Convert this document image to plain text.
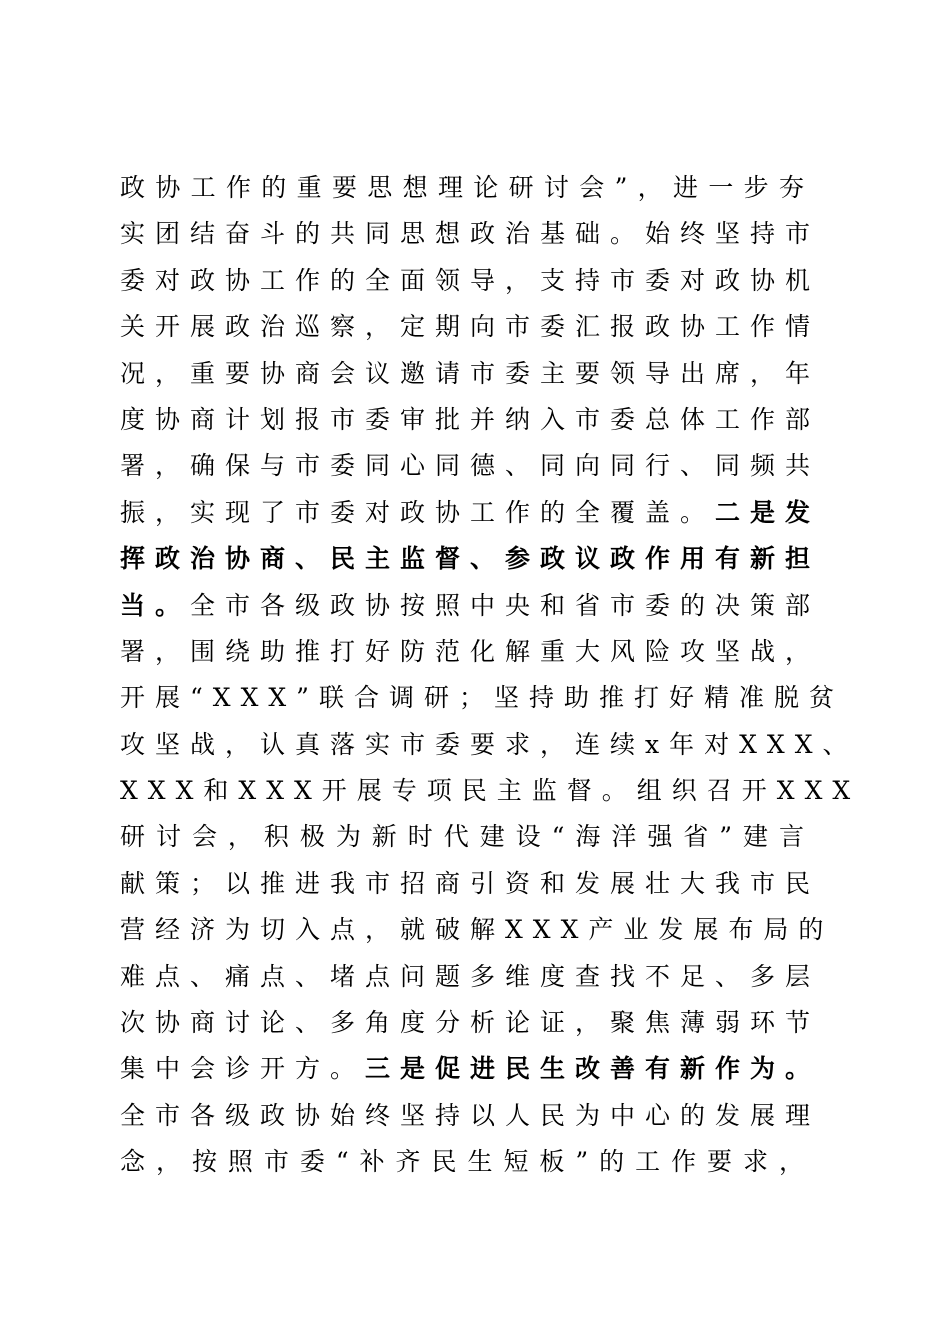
政协工作的重要思想理论研讨会”，进一步夯
实团结奋斗的共同思想政治基础。始终坚持市
委对政协工作的全面领导，支持市委对政协机
关开展政治巡察，定期向市委汇报政协工作情
况，重要协商会议邀请市委主要领导出席，年
度协商计划报市委审批并纳入市委总体工作部
署，确保与市委同心同德、同向同行、同频共
振，实现了市委对政协工作的全覆盖。二是发
挥政治协商、民主监督、参政议政作用有新担
当。全市各级政协按照中央和省市委的决策部
署，围绕助推打好防范化解重大风险攻坚战，
开展“XXX”联合调研；坚持助推打好精准脱贫
攻坚战，认真落实市委要求，连续x年对XXX、
XXX和XXX开展专项民主监督。组织召开XXX
研讨会，积极为新时代建设“海洋强省”建言
献策；以推进我市招商引资和发展壮大我市民
营经济为切入点，就破解XXX产业发展布局的
难点、痛点、堵点问题多维度查找不足、多层
次协商讨论、多角度分析论证，聚焦薄弱环节
集中会诊开方。三是促进民生改善有新作为。
全市各级政协始终坚持以人民为中心的发展理
念，按照市委“补齐民生短板”的工作要求，
